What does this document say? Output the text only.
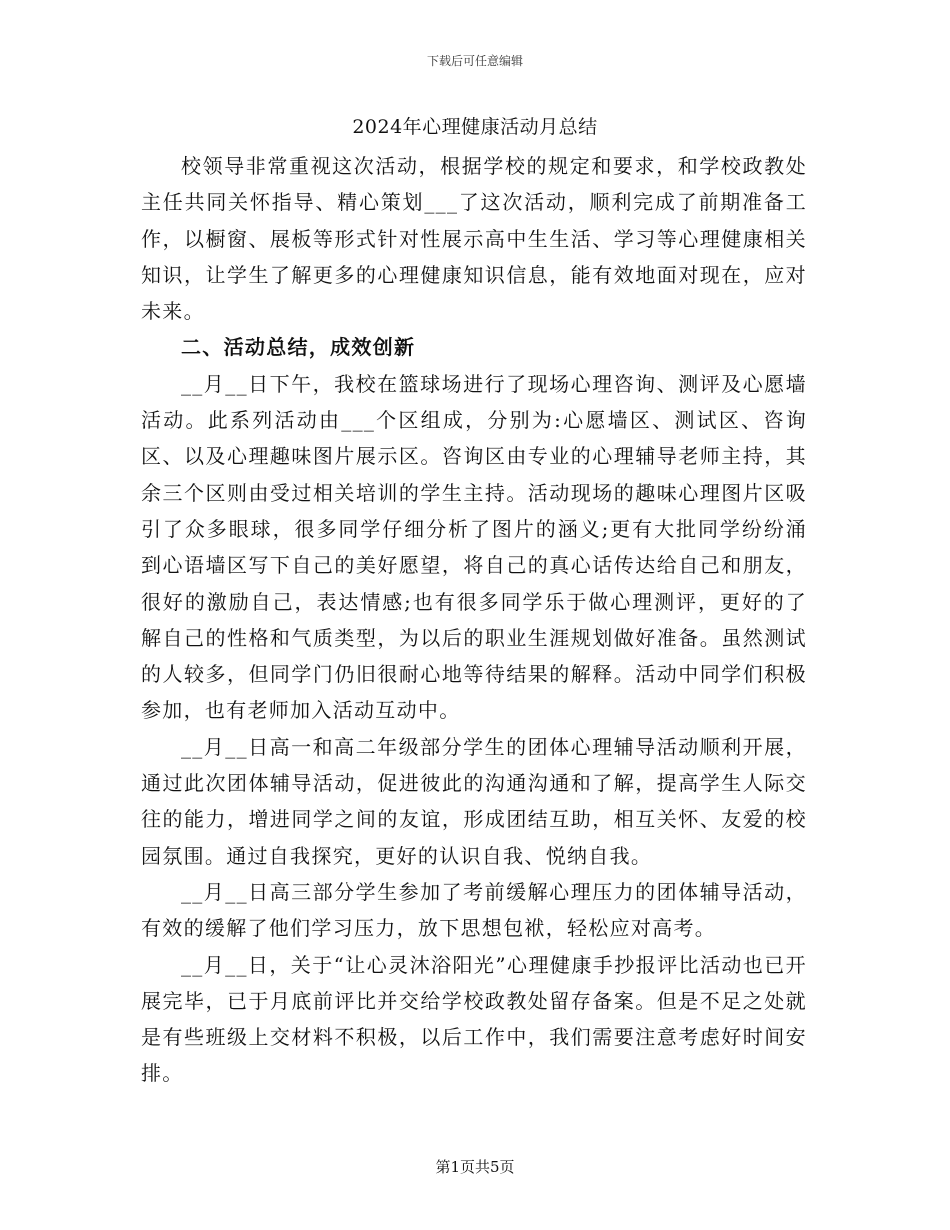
下载后可任意编辑
2024年心理健康活动月总结

校领导非常重视这次活动，根据学校的规定和要求，和学校政教处主任共同关怀指导、精心策划___了这次活动，顺利完成了前期准备工作，以橱窗、展板等形式针对性展示高中生生活、学习等心理健康相关知识，让学生了解更多的心理健康知识信息，能有效地面对现在，应对未来。

二、活动总结，成效创新

__月__日下午，我校在篮球场进行了现场心理咨询、测评及心愿墙活动。此系列活动由___个区组成，分别为:心愿墙区、测试区、咨询区、以及心理趣味图片展示区。咨询区由专业的心理辅导老师主持，其余三个区则由受过相关培训的学生主持。活动现场的趣味心理图片区吸引了众多眼球，很多同学仔细分析了图片的涵义;更有大批同学纷纷涌到心语墙区写下自己的美好愿望，将自己的真心话传达给自己和朋友，很好的激励自己，表达情感;也有很多同学乐于做心理测评，更好的了解自己的性格和气质类型，为以后的职业生涯规划做好准备。虽然测试的人较多，但同学门仍旧很耐心地等待结果的解释。活动中同学们积极参加，也有老师加入活动互动中。

__月__日高一和高二年级部分学生的团体心理辅导活动顺利开展，通过此次团体辅导活动，促进彼此的沟通沟通和了解，提高学生人际交往的能力，增进同学之间的友谊，形成团结互助，相互关怀、友爱的校园氛围。通过自我探究，更好的认识自我、悦纳自我。

__月__日高三部分学生参加了考前缓解心理压力的团体辅导活动，有效的缓解了他们学习压力，放下思想包袱，轻松应对高考。

__月__日，关于“让心灵沐浴阳光”心理健康手抄报评比活动也已开展完毕，已于月底前评比并交给学校政教处留存备案。但是不足之处就是有些班级上交材料不积极，以后工作中，我们需要注意考虑好时间安排。

第1页共5页
